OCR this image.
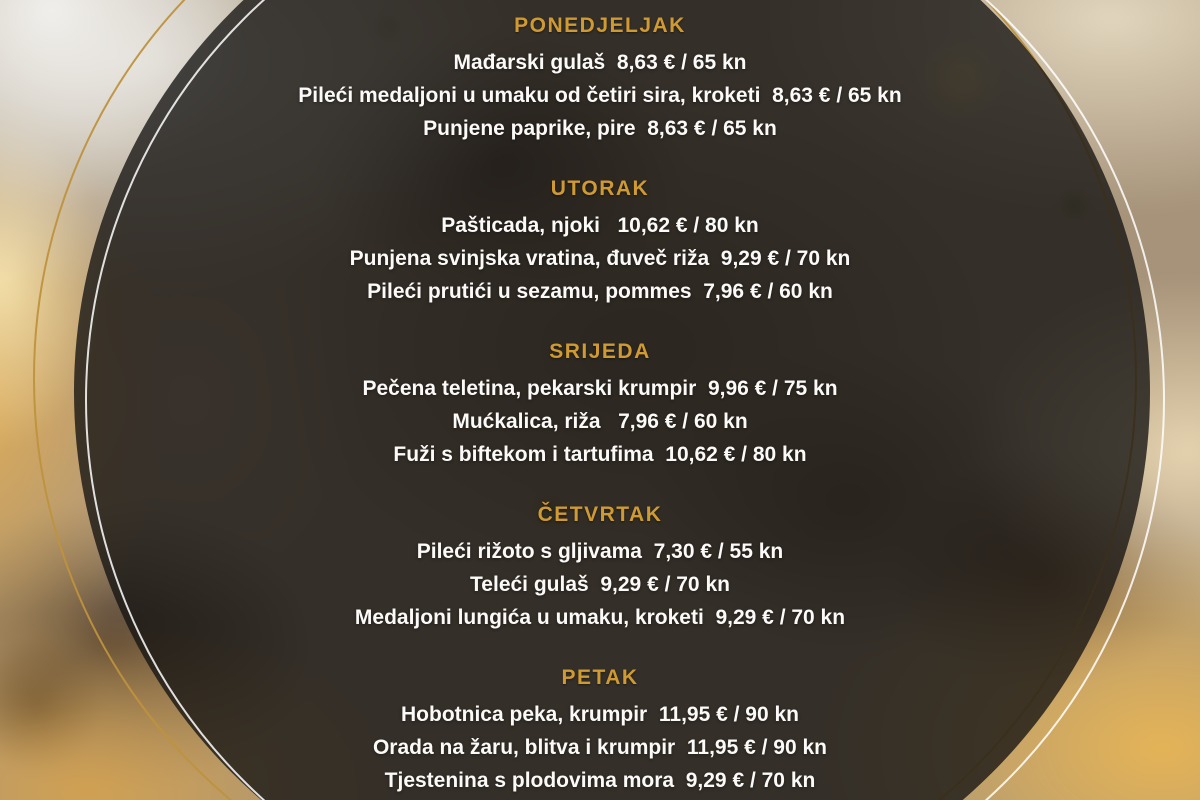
PONEDJELJAK

Mađarski gulaš  8,63 € / 65 kn

Pileći medaljoni u umaku od četiri sira, kroketi  8,63 € / 65 kn

Punjene paprike, pire  8,63 € / 65 kn

UTORAK

Pašticada, njoki   10,62 € / 80 kn

Punjena svinjska vratina, đuveč riža  9,29 € / 70 kn

Pileći prutići u sezamu, pommes  7,96 € / 60 kn

SRIJEDA

Pečena teletina, pekarski krumpir  9,96 € / 75 kn

Mućkalica, riža   7,96 € / 60 kn

Fuži s biftekom i tartufima  10,62 € / 80 kn

ČETVRTAK

Pileći rižoto s gljivama  7,30 € / 55 kn

Teleći gulaš  9,29 € / 70 kn

Medaljoni lungića u umaku, kroketi  9,29 € / 70 kn

PETAK

Hobotnica peka, krumpir  11,95 € / 90 kn

Orada na žaru, blitva i krumpir  11,95 € / 90 kn

Tjestenina s plodovima mora  9,29 € / 70 kn
